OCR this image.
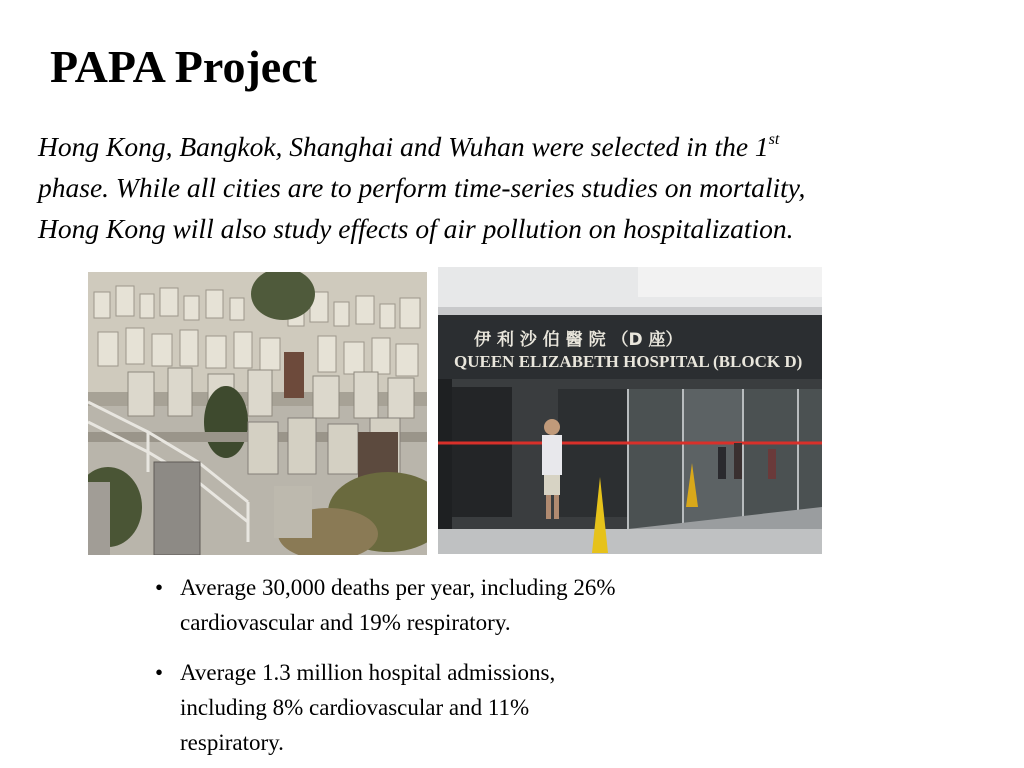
PAPA Project

Hong Kong, Bangkok, Shanghai and Wuhan were selected in the 1st
phase. While all cities are to perform time-series studies on mortality,
Hong Kong will also study effects of air pollution on hospitalization.

伊 利 沙 伯 醫 院 （D 座）
QUEEN ELIZABETH HOSPITAL (BLOCK D)
• Average 30,000 deaths per year, including 26%
cardiovascular and 19% respiratory.
• Average 1.3 million hospital admissions,
including 8% cardiovascular and 11%
respiratory.
